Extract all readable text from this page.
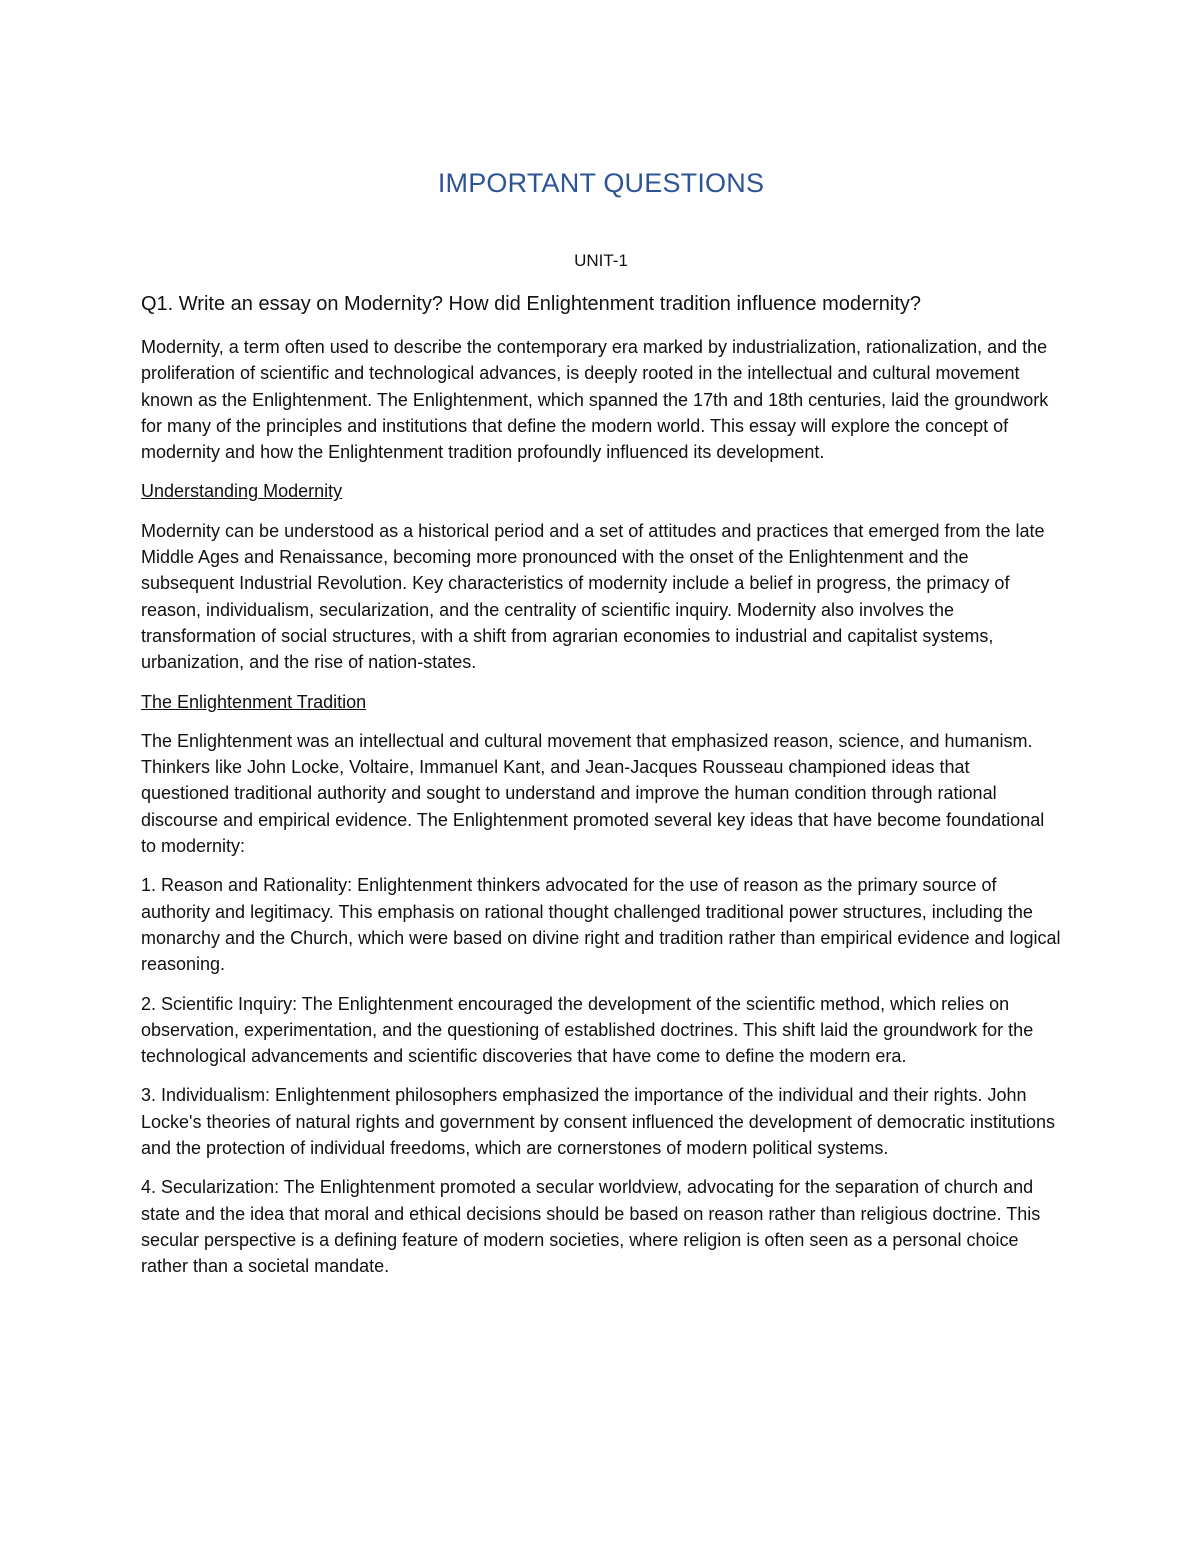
IMPORTANT QUESTIONS
UNIT-1
Q1. Write an essay on Modernity? How did Enlightenment tradition influence modernity?

Modernity, a term often used to describe the contemporary era marked by industrialization, rationalization, and the proliferation of scientific and technological advances, is deeply rooted in the intellectual and cultural movement known as the Enlightenment. The Enlightenment, which spanned the 17th and 18th centuries, laid the groundwork for many of the principles and institutions that define the modern world. This essay will explore the concept of modernity and how the Enlightenment tradition profoundly influenced its development.

Understanding Modernity

Modernity can be understood as a historical period and a set of attitudes and practices that emerged from the late Middle Ages and Renaissance, becoming more pronounced with the onset of the Enlightenment and the subsequent Industrial Revolution. Key characteristics of modernity include a belief in progress, the primacy of reason, individualism, secularization, and the centrality of scientific inquiry. Modernity also involves the transformation of social structures, with a shift from agrarian economies to industrial and capitalist systems, urbanization, and the rise of nation-states.

The Enlightenment Tradition

The Enlightenment was an intellectual and cultural movement that emphasized reason, science, and humanism. Thinkers like John Locke, Voltaire, Immanuel Kant, and Jean-Jacques Rousseau championed ideas that questioned traditional authority and sought to understand and improve the human condition through rational discourse and empirical evidence. The Enlightenment promoted several key ideas that have become foundational to modernity:

1. Reason and Rationality: Enlightenment thinkers advocated for the use of reason as the primary source of authority and legitimacy. This emphasis on rational thought challenged traditional power structures, including the monarchy and the Church, which were based on divine right and tradition rather than empirical evidence and logical reasoning.

2. Scientific Inquiry: The Enlightenment encouraged the development of the scientific method, which relies on observation, experimentation, and the questioning of established doctrines. This shift laid the groundwork for the technological advancements and scientific discoveries that have come to define the modern era.

3. Individualism: Enlightenment philosophers emphasized the importance of the individual and their rights. John Locke's theories of natural rights and government by consent influenced the development of democratic institutions and the protection of individual freedoms, which are cornerstones of modern political systems.

4. Secularization: The Enlightenment promoted a secular worldview, advocating for the separation of church and state and the idea that moral and ethical decisions should be based on reason rather than religious doctrine. This secular perspective is a defining feature of modern societies, where religion is often seen as a personal choice rather than a societal mandate.
